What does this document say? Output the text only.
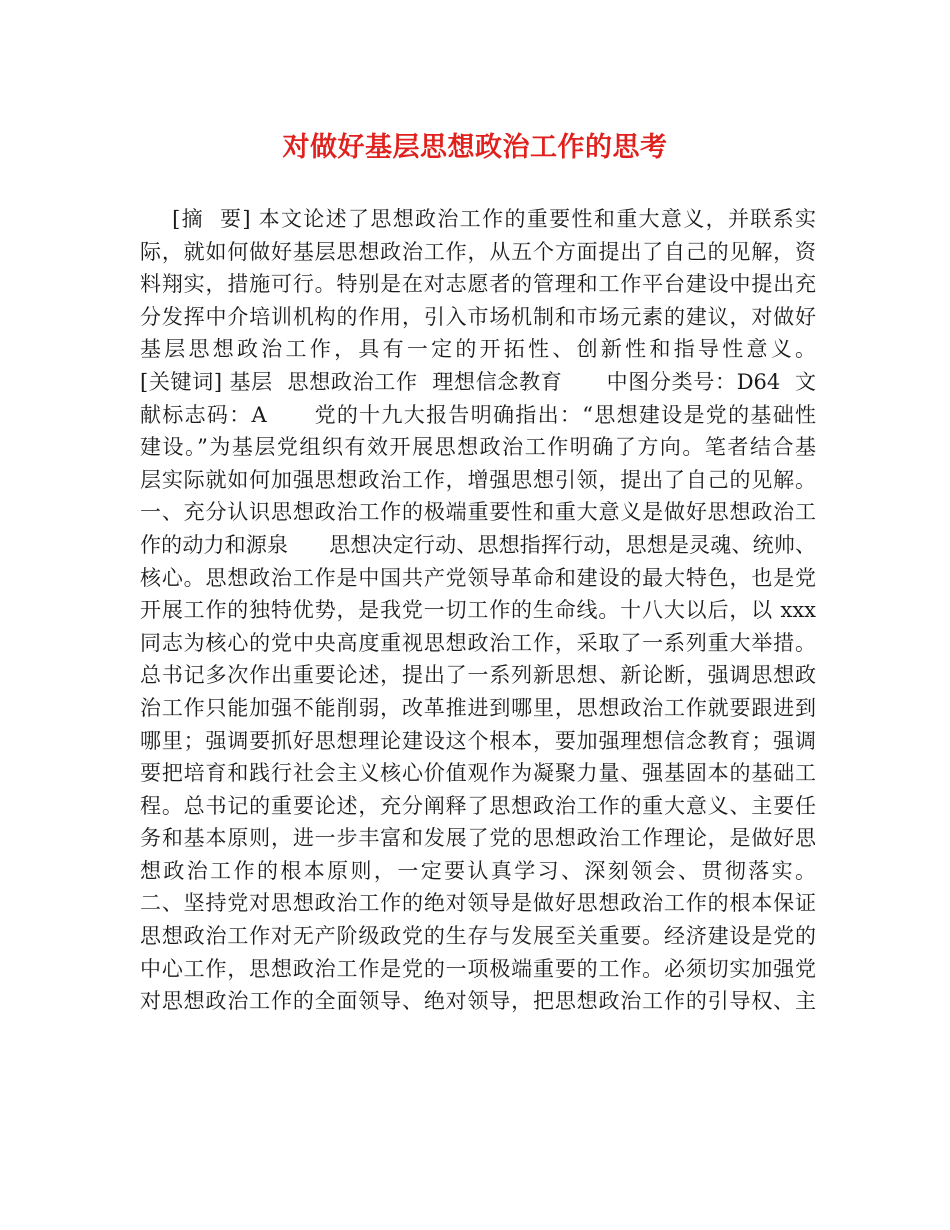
对做好基层思想政治工作的思考
[摘  要] 本文论述了思想政治工作的重要性和重大意义，并联系实
际，就如何做好基层思想政治工作，从五个方面提出了自己的见解，资
料翔实，措施可行。特别是在对志愿者的管理和工作平台建设中提出充
分发挥中介培训机构的作用，引入市场机制和市场元素的建议，对做好
基层思想政治工作，具有一定的开拓性、创新性和指导性意义。
[关键词] 基层  思想政治工作  理想信念教育      中图分类号：D64  文
献标志码：A      党的十九大报告明确指出：“思想建设是党的基础性
建设。”为基层党组织有效开展思想政治工作明确了方向。笔者结合基
层实际就如何加强思想政治工作，增强思想引领，提出了自己的见解。
一、充分认识思想政治工作的极端重要性和重大意义是做好思想政治工
作的动力和源泉      思想决定行动、思想指挥行动，思想是灵魂、统帅、
核心。思想政治工作是中国共产党领导革命和建设的最大特色，也是党
开展工作的独特优势，是我党一切工作的生命线。十八大以后，以 xxx
同志为核心的党中央高度重视思想政治工作，采取了一系列重大举措。
总书记多次作出重要论述，提出了一系列新思想、新论断，强调思想政
治工作只能加强不能削弱，改革推进到哪里，思想政治工作就要跟进到
哪里；强调要抓好思想理论建设这个根本，要加强理想信念教育；强调
要把培育和践行社会主义核心价值观作为凝聚力量、强基固本的基础工
程。总书记的重要论述，充分阐释了思想政治工作的重大意义、主要任
务和基本原则，进一步丰富和发展了党的思想政治工作理论，是做好思
想政治工作的根本原则，一定要认真学习、深刻领会、贯彻落实。
二、坚持党对思想政治工作的绝对领导是做好思想政治工作的根本保证
思想政治工作对无产阶级政党的生存与发展至关重要。经济建设是党的
中心工作，思想政治工作是党的一项极端重要的工作。必须切实加强党
对思想政治工作的全面领导、绝对领导，把思想政治工作的引导权、主
